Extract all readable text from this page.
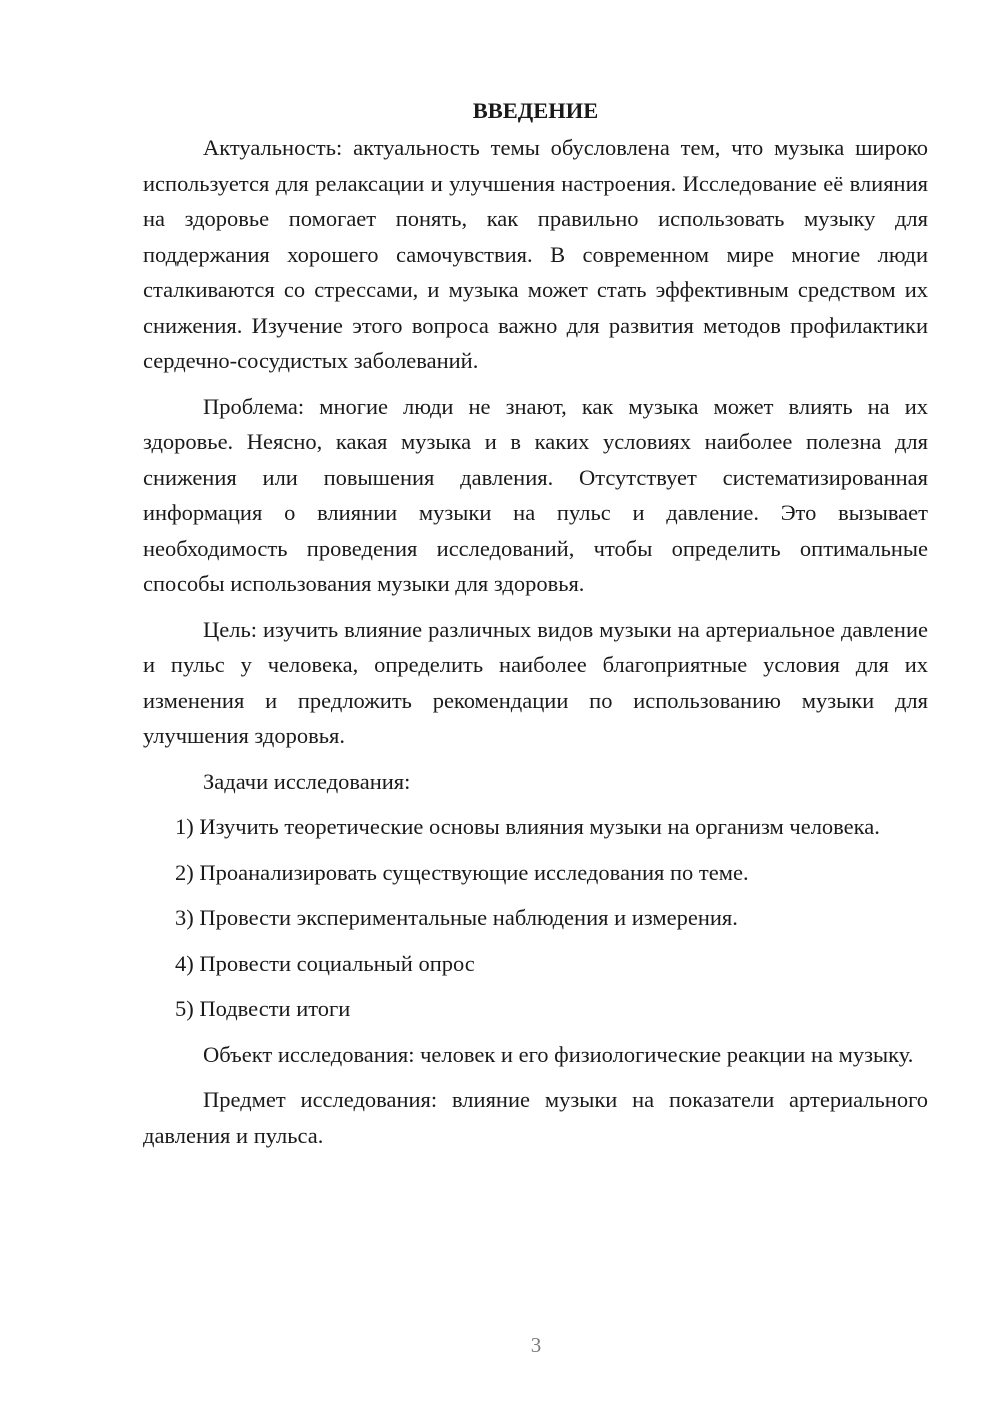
ВВЕДЕНИЕ

Актуальность: актуальность темы обусловлена тем, что музыка широко используется для релаксации и улучшения настроения. Исследование её влияния на здоровье помогает понять, как правильно использовать музыку для поддержания хорошего самочувствия. В современном мире многие люди сталкиваются со стрессами, и музыка может стать эффективным средством их снижения. Изучение этого вопроса важно для развития методов профилактики сердечно-сосудистых заболеваний.

Проблема: многие люди не знают, как музыка может влиять на их здоровье. Неясно, какая музыка и в каких условиях наиболее полезна для снижения или повышения давления. Отсутствует систематизированная информация о влиянии музыки на пульс и давление. Это вызывает необходимость проведения исследований, чтобы определить оптимальные способы использования музыки для здоровья.

Цель: изучить влияние различных видов музыки на артериальное давление и пульс у человека, определить наиболее благоприятные условия для их изменения и предложить рекомендации по использованию музыки для улучшения здоровья.

Задачи исследования:

1) Изучить теоретические основы влияния музыки на организм человека.

2) Проанализировать существующие исследования по теме.

3) Провести экспериментальные наблюдения и измерения.

4) Провести социальный опрос

5) Подвести итоги

Объект исследования: человек и его физиологические реакции на музыку.

Предмет исследования: влияние музыки на показатели артериального давления и пульса.

3
